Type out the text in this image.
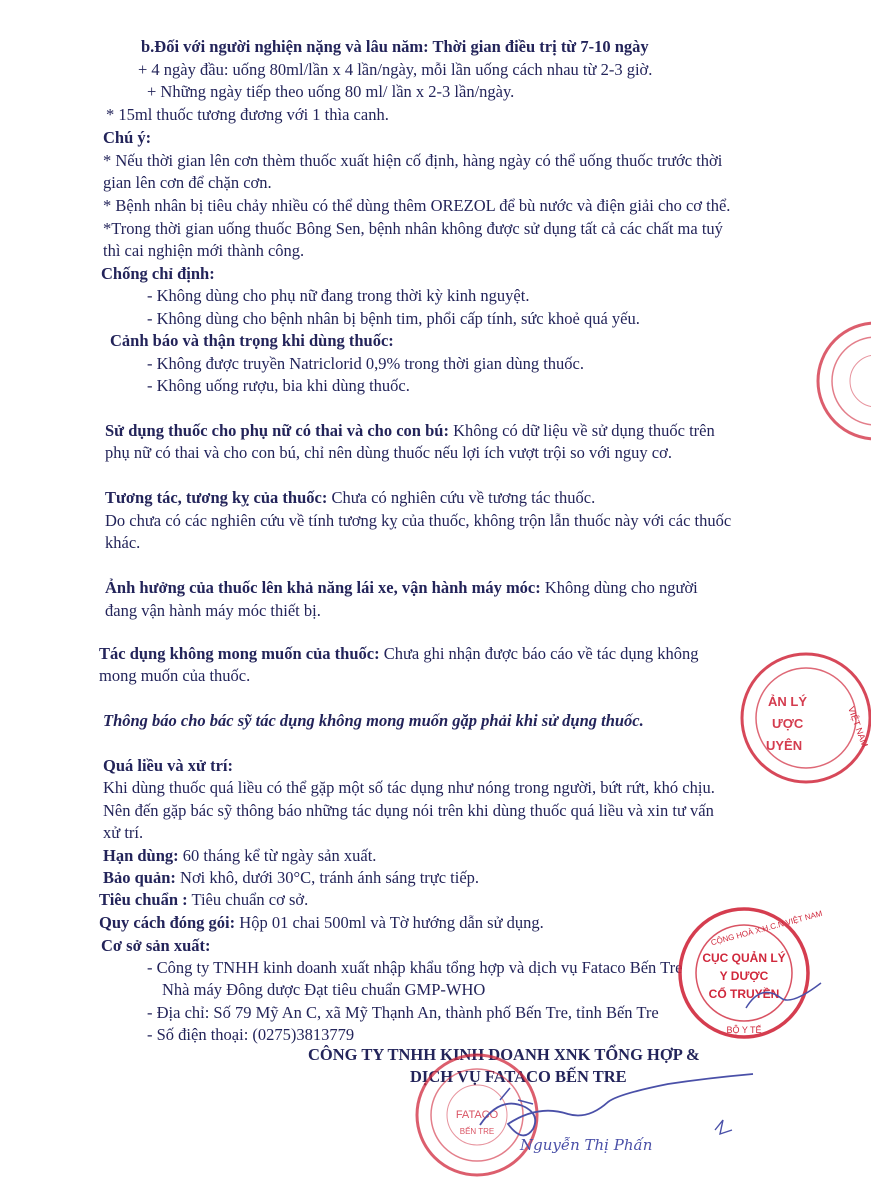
b.Đối với người nghiện nặng và lâu năm: Thời gian điều trị từ 7-10 ngày
+ 4 ngày đầu: uống 80ml/lần x 4 lần/ngày, mỗi lần uống cách nhau từ 2-3 giờ.
+ Những ngày tiếp theo uống 80 ml/ lần x 2-3 lần/ngày.
* 15ml thuốc tương đương với 1 thìa canh.
Chú ý:
* Nếu thời gian lên cơn thèm thuốc xuất hiện cố định, hàng ngày có thể uống thuốc trước thời
gian lên cơn để chặn cơn.
* Bệnh nhân bị tiêu chảy nhiều có thể dùng thêm OREZOL để bù nước và điện giải cho cơ thể.
*Trong thời gian uống thuốc Bông Sen, bệnh nhân không được sử dụng tất cả các chất ma tuý
thì cai nghiện mới thành công.
Chống chỉ định:
- Không dùng cho phụ nữ đang trong thời kỳ kinh nguyệt.
- Không dùng cho bệnh nhân bị bệnh tim, phổi cấp tính, sức khoẻ quá yếu.
Cảnh báo và thận trọng khi dùng thuốc:
- Không được truyền Natriclorid 0,9% trong thời gian dùng thuốc.
- Không uống rượu, bia khi dùng thuốc.
Sử dụng thuốc cho phụ nữ có thai và cho con bú: Không có dữ liệu về sử dụng thuốc trên
phụ nữ có thai và cho con bú, chỉ nên dùng thuốc nếu lợi ích vượt trội so với nguy cơ.
Tương tác, tương kỵ của thuốc: Chưa có nghiên cứu về tương tác thuốc.
Do chưa có các nghiên cứu về tính tương kỵ của thuốc, không trộn lẫn thuốc này với các thuốc
khác.
Ảnh hưởng của thuốc lên khả năng lái xe, vận hành máy móc: Không dùng cho người
đang vận hành máy móc thiết bị.
Tác dụng không mong muốn của thuốc: Chưa ghi nhận được báo cáo về tác dụng không
mong muốn của thuốc.
Thông báo cho bác sỹ tác dụng không mong muốn gặp phải khi sử dụng thuốc.
Quá liều và xử trí:
Khi dùng thuốc quá liều có thể gặp một số tác dụng như nóng trong người, bứt rứt, khó chịu.
Nên đến gặp bác sỹ thông báo những tác dụng nói trên khi dùng thuốc quá liều và xin tư vấn
xử trí.
Hạn dùng: 60 tháng kể từ ngày sản xuất.
Bảo quản: Nơi khô, dưới 30°C, tránh ánh sáng trực tiếp.
Tiêu chuẩn : Tiêu chuẩn cơ sở.
Quy cách đóng gói: Hộp 01 chai 500ml và Tờ hướng dẫn sử dụng.
Cơ sở sản xuất:
- Công ty TNHH kinh doanh xuất nhập khẩu tổng hợp và dịch vụ Fataco Bến Tre
Nhà máy Đông dược Đạt tiêu chuẩn GMP-WHO
- Địa chỉ: Số 79 Mỹ An C, xã Mỹ Thạnh An, thành phố Bến Tre, tỉnh Bến Tre
- Số điện thoại: (0275)3813779
CÔNG TY TNHH KINH DOANH XNK TỔNG HỢP &
DỊCH VỤ FATACO BẾN TRE
ẢN LÝ
ƯỢC
UYÊN	VIỆT NAM
CỘNG HOÀ X.H.C.N VIỆT NAM
CỤC QUẢN LÝ
Y DƯỢC
CỔ TRUYỀN
BỘ Y TẾ
FATACO
BẾN TRE
Nguyễn Thị Phấn
